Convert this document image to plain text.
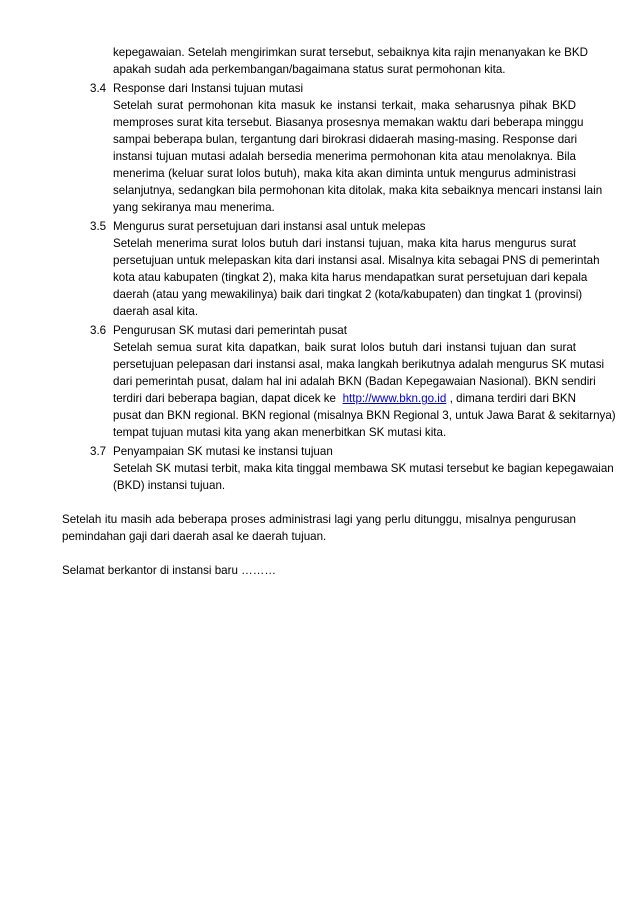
kepegawaian. Setelah mengirimkan surat tersebut, sebaiknya kita rajin menanyakan ke BKD
apakah sudah ada perkembangan/bagaimana status surat permohonan kita.
3.4 Response dari Instansi tujuan mutasi
Setelah surat permohonan kita masuk ke instansi terkait, maka seharusnya pihak BKD
memproses surat kita tersebut. Biasanya prosesnya memakan waktu dari beberapa minggu
sampai beberapa bulan, tergantung dari birokrasi didaerah masing-masing. Response dari
instansi tujuan mutasi adalah bersedia menerima permohonan kita atau menolaknya. Bila
menerima (keluar surat lolos butuh), maka kita akan diminta untuk mengurus administrasi
selanjutnya, sedangkan bila permohonan kita ditolak, maka kita sebaiknya mencari instansi lain
yang sekiranya mau menerima.
3.5 Mengurus surat persetujuan dari instansi asal untuk melepas
Setelah menerima surat lolos butuh dari instansi tujuan, maka kita harus mengurus surat
persetujuan untuk melepaskan kita dari instansi asal. Misalnya kita sebagai PNS di pemerintah
kota atau kabupaten (tingkat 2), maka kita harus mendapatkan surat persetujuan dari kepala
daerah (atau yang mewakilinya) baik dari tingkat 2 (kota/kabupaten) dan tingkat 1 (provinsi)
daerah asal kita.
3.6 Pengurusan SK mutasi dari pemerintah pusat
Setelah semua surat kita dapatkan, baik surat lolos butuh dari instansi tujuan dan surat
persetujuan pelepasan dari instansi asal, maka langkah berikutnya adalah mengurus SK mutasi
dari pemerintah pusat, dalam hal ini adalah BKN (Badan Kepegawaian Nasional). BKN sendiri
terdiri dari beberapa bagian, dapat dicek ke http://www.bkn.go.id , dimana terdiri dari BKN
pusat dan BKN regional. BKN regional (misalnya BKN Regional 3, untuk Jawa Barat & sekitarnya)
tempat tujuan mutasi kita yang akan menerbitkan SK mutasi kita.
3.7 Penyampaian SK mutasi ke instansi tujuan
Setelah SK mutasi terbit, maka kita tinggal membawa SK mutasi tersebut ke bagian kepegawaian
(BKD) instansi tujuan.
Setelah itu masih ada beberapa proses administrasi lagi yang perlu ditunggu, misalnya pengurusan
pemindahan gaji dari daerah asal ke daerah tujuan.
Selamat berkantor di instansi baru ………
